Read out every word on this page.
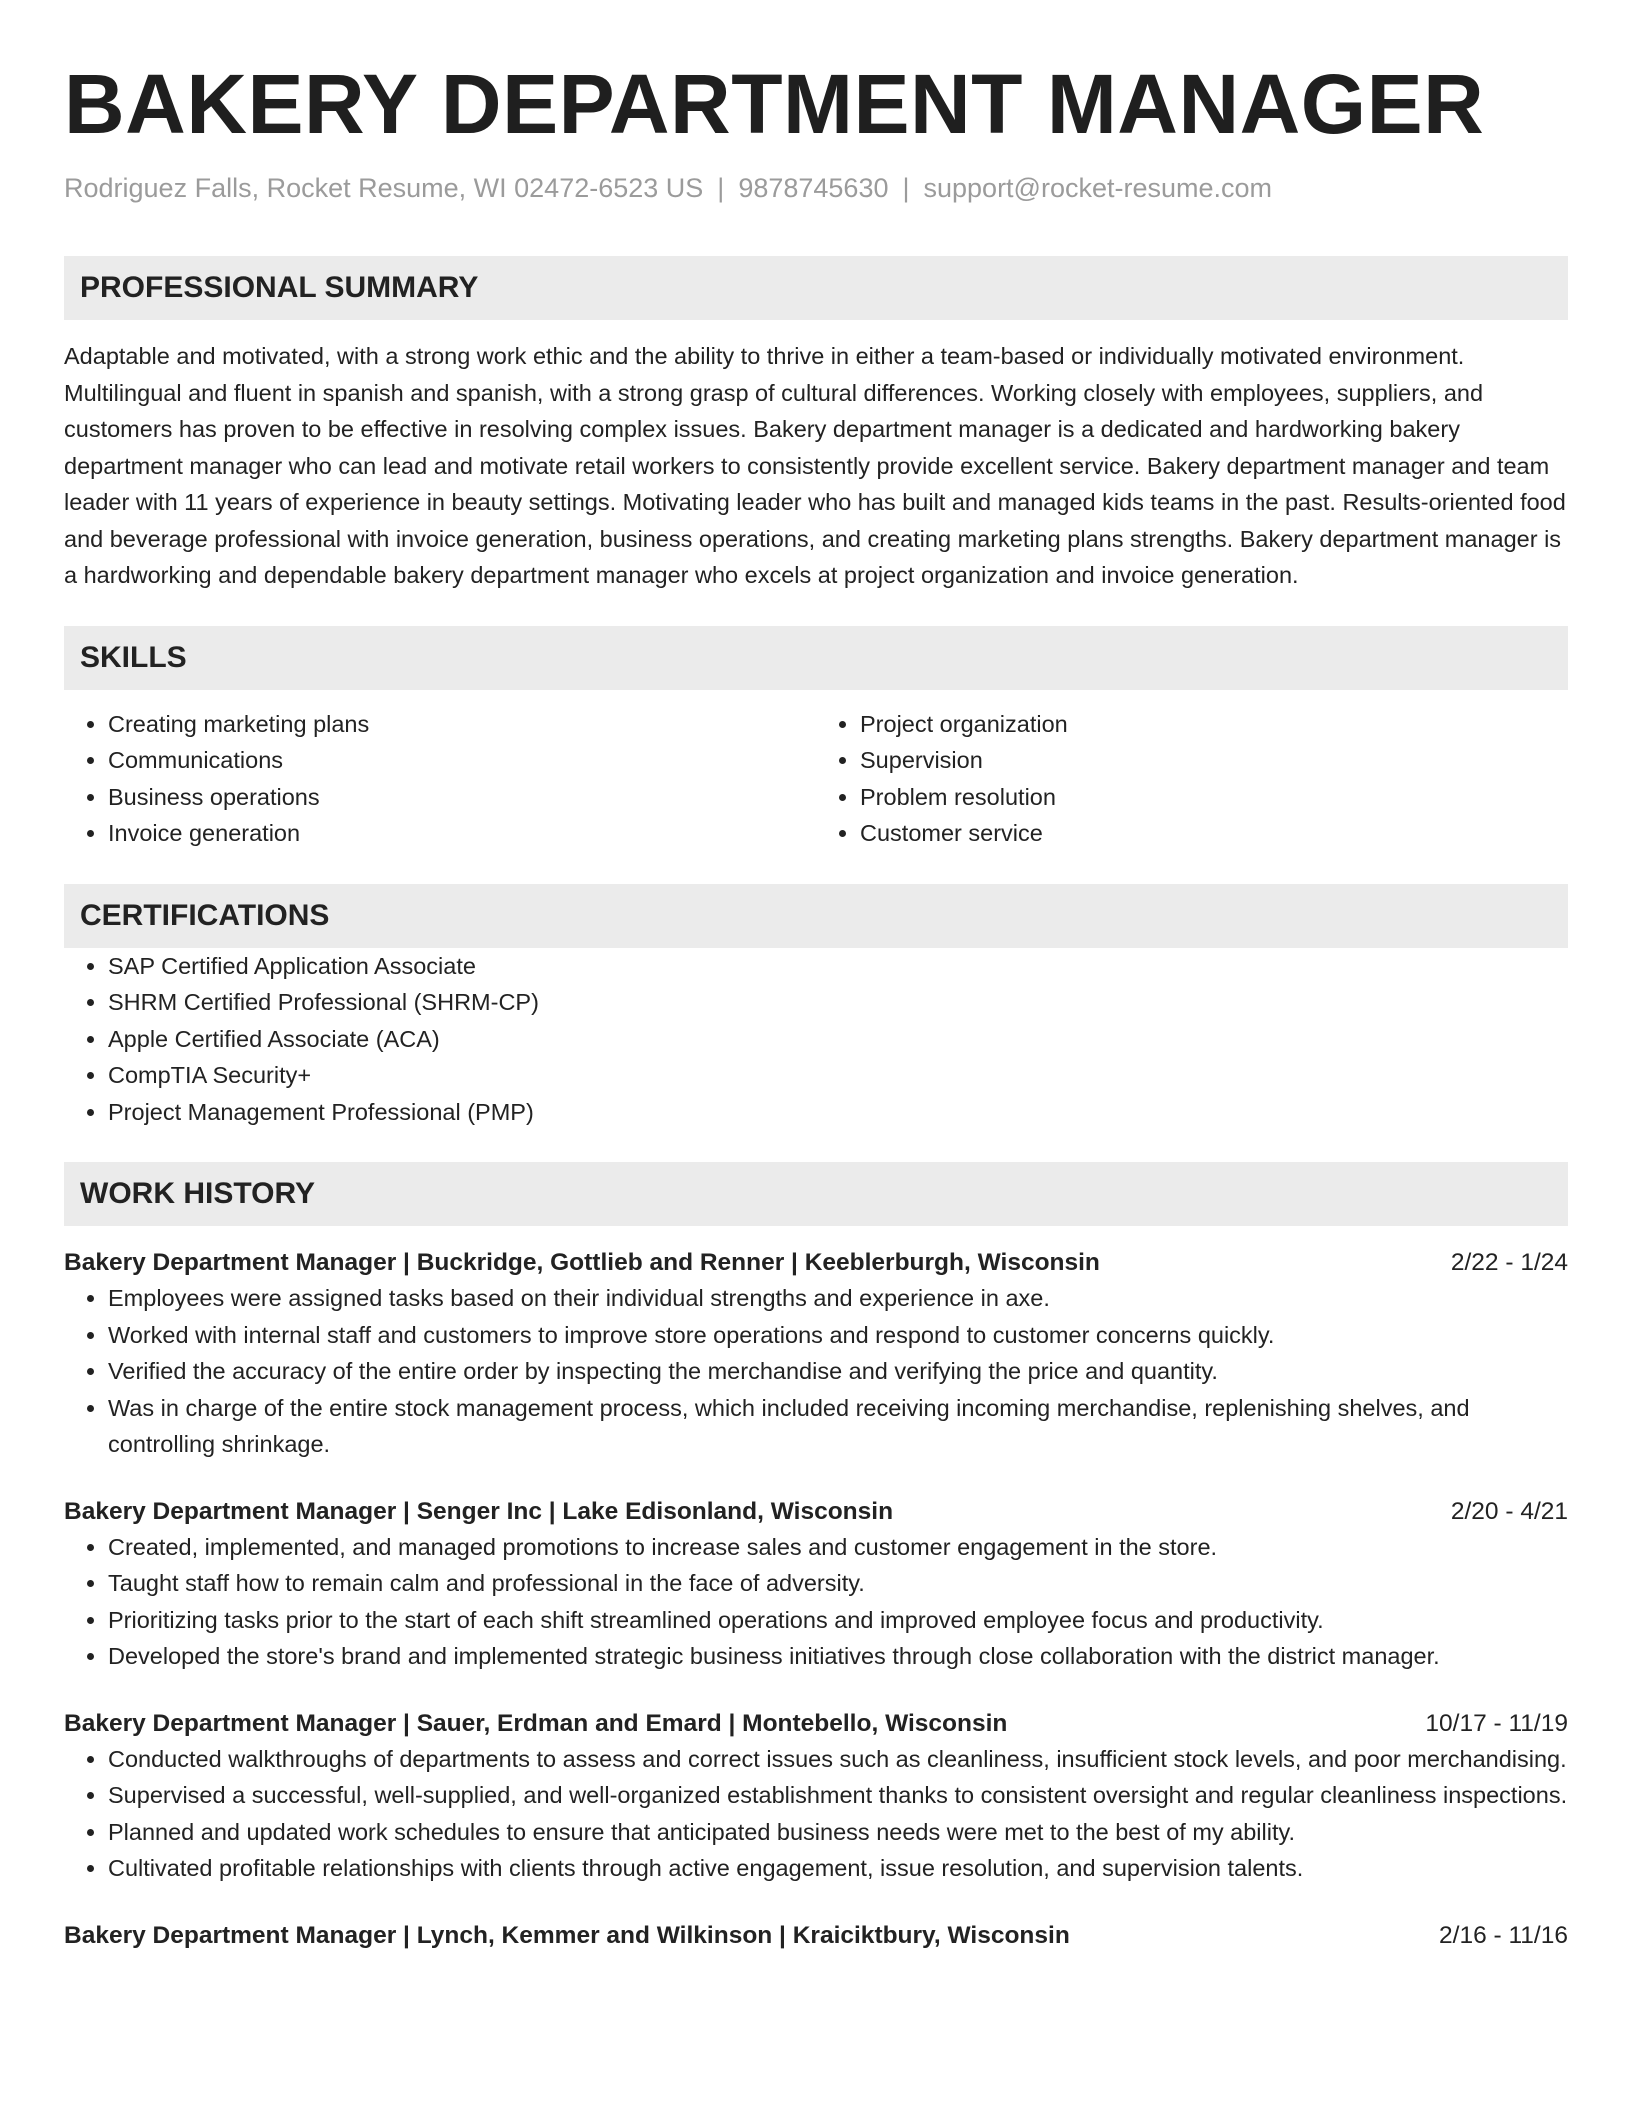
BAKERY DEPARTMENT MANAGER
Rodriguez Falls, Rocket Resume, WI 02472-6523 US | 9878745630 | support@rocket-resume.com
PROFESSIONAL SUMMARY
Adaptable and motivated, with a strong work ethic and the ability to thrive in either a team-based or individually motivated environment. Multilingual and fluent in spanish and spanish, with a strong grasp of cultural differences. Working closely with employees, suppliers, and customers has proven to be effective in resolving complex issues. Bakery department manager is a dedicated and hardworking bakery department manager who can lead and motivate retail workers to consistently provide excellent service. Bakery department manager and team leader with 11 years of experience in beauty settings. Motivating leader who has built and managed kids teams in the past. Results-oriented food and beverage professional with invoice generation, business operations, and creating marketing plans strengths. Bakery department manager is a hardworking and dependable bakery department manager who excels at project organization and invoice generation.
SKILLS
• Creating marketing plans
• Communications
• Business operations
• Invoice generation
• Project organization
• Supervision
• Problem resolution
• Customer service
CERTIFICATIONS
• SAP Certified Application Associate
• SHRM Certified Professional (SHRM-CP)
• Apple Certified Associate (ACA)
• CompTIA Security+
• Project Management Professional (PMP)
WORK HISTORY
Bakery Department Manager | Buckridge, Gottlieb and Renner | Keeblerburgh, Wisconsin	2/22 - 1/24
• Employees were assigned tasks based on their individual strengths and experience in axe.
• Worked with internal staff and customers to improve store operations and respond to customer concerns quickly.
• Verified the accuracy of the entire order by inspecting the merchandise and verifying the price and quantity.
• Was in charge of the entire stock management process, which included receiving incoming merchandise, replenishing shelves, and controlling shrinkage.
Bakery Department Manager | Senger Inc | Lake Edisonland, Wisconsin	2/20 - 4/21
• Created, implemented, and managed promotions to increase sales and customer engagement in the store.
• Taught staff how to remain calm and professional in the face of adversity.
• Prioritizing tasks prior to the start of each shift streamlined operations and improved employee focus and productivity.
• Developed the store's brand and implemented strategic business initiatives through close collaboration with the district manager.
Bakery Department Manager | Sauer, Erdman and Emard | Montebello, Wisconsin	10/17 - 11/19
• Conducted walkthroughs of departments to assess and correct issues such as cleanliness, insufficient stock levels, and poor merchandising.
• Supervised a successful, well-supplied, and well-organized establishment thanks to consistent oversight and regular cleanliness inspections.
• Planned and updated work schedules to ensure that anticipated business needs were met to the best of my ability.
• Cultivated profitable relationships with clients through active engagement, issue resolution, and supervision talents.
Bakery Department Manager | Lynch, Kemmer and Wilkinson | Kraiciktbury, Wisconsin	2/16 - 11/16
